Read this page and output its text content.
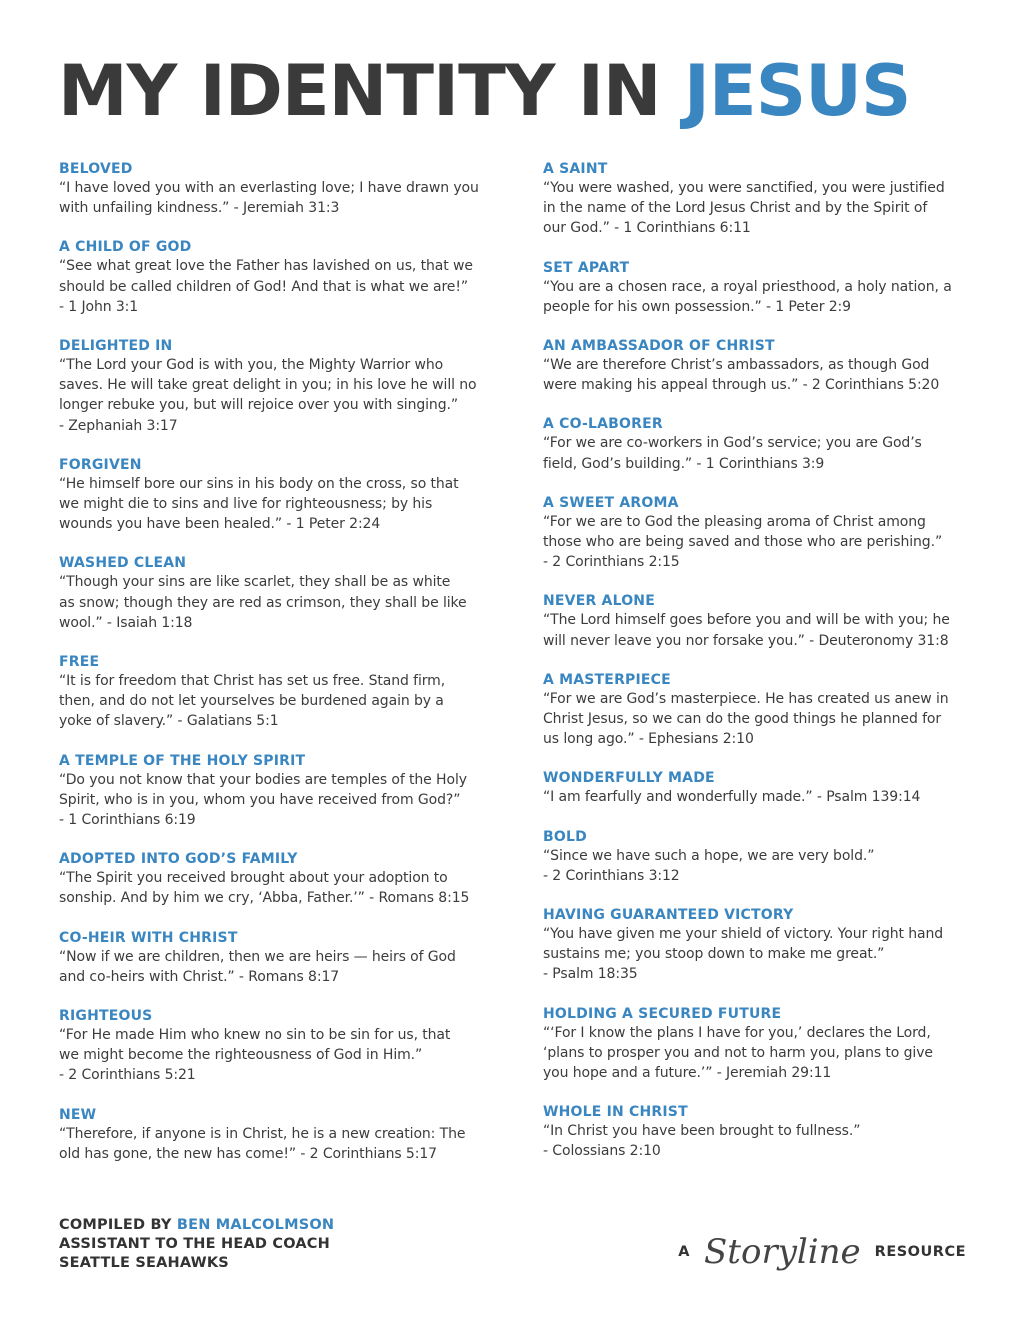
MY IDENTITY IN JESUS
BELOVED
“I have loved you with an everlasting love; I have drawn you
with unfailing kindness.” - Jeremiah 31:3
A CHILD OF GOD
“See what great love the Father has lavished on us, that we
should be called children of God! And that is what we are!”
- 1 John 3:1
DELIGHTED IN
“The Lord your God is with you, the Mighty Warrior who
saves. He will take great delight in you; in his love he will no
longer rebuke you, but will rejoice over you with singing.”
- Zephaniah 3:17
FORGIVEN
“He himself bore our sins in his body on the cross, so that
we might die to sins and live for righteousness; by his
wounds you have been healed.” - 1 Peter 2:24
WASHED CLEAN
“Though your sins are like scarlet, they shall be as white
as snow; though they are red as crimson, they shall be like
wool.” - Isaiah 1:18
FREE
“It is for freedom that Christ has set us free. Stand firm,
then, and do not let yourselves be burdened again by a
yoke of slavery.” - Galatians 5:1
A TEMPLE OF THE HOLY SPIRIT
“Do you not know that your bodies are temples of the Holy
Spirit, who is in you, whom you have received from God?”
- 1 Corinthians 6:19
ADOPTED INTO GOD’S FAMILY
“The Spirit you received brought about your adoption to
sonship. And by him we cry, ‘Abba, Father.’” - Romans 8:15
CO-HEIR WITH CHRIST
“Now if we are children, then we are heirs — heirs of God
and co-heirs with Christ.” - Romans 8:17
RIGHTEOUS
“For He made Him who knew no sin to be sin for us, that
we might become the righteousness of God in Him.”
- 2 Corinthians 5:21
NEW
“Therefore, if anyone is in Christ, he is a new creation: The
old has gone, the new has come!” - 2 Corinthians 5:17
A SAINT
“You were washed, you were sanctified, you were justified
in the name of the Lord Jesus Christ and by the Spirit of
our God.” - 1 Corinthians 6:11
SET APART
“You are a chosen race, a royal priesthood, a holy nation, a
people for his own possession.” - 1 Peter 2:9
AN AMBASSADOR OF CHRIST
“We are therefore Christ’s ambassadors, as though God
were making his appeal through us.” - 2 Corinthians 5:20
A CO-LABORER
“For we are co-workers in God’s service; you are God’s
field, God’s building.” - 1 Corinthians 3:9
A SWEET AROMA
“For we are to God the pleasing aroma of Christ among
those who are being saved and those who are perishing.”
- 2 Corinthians 2:15
NEVER ALONE
“The Lord himself goes before you and will be with you; he
will never leave you nor forsake you.” - Deuteronomy 31:8
A MASTERPIECE
“For we are God’s masterpiece. He has created us anew in
Christ Jesus, so we can do the good things he planned for
us long ago.” - Ephesians 2:10
WONDERFULLY MADE
“I am fearfully and wonderfully made.” - Psalm 139:14
BOLD
“Since we have such a hope, we are very bold.”
- 2 Corinthians 3:12
HAVING GUARANTEED VICTORY
“You have given me your shield of victory. Your right hand
sustains me; you stoop down to make me great.”
- Psalm 18:35
HOLDING A SECURED FUTURE
“‘For I know the plans I have for you,’ declares the Lord,
‘plans to prosper you and not to harm you, plans to give
you hope and a future.’” - Jeremiah 29:11
WHOLE IN CHRIST
“In Christ you have been brought to fullness.”
- Colossians 2:10
COMPILED BY BEN MALCOLMSON
ASSISTANT TO THE HEAD COACH
SEATTLE SEAHAWKS
A Storyline RESOURCE
